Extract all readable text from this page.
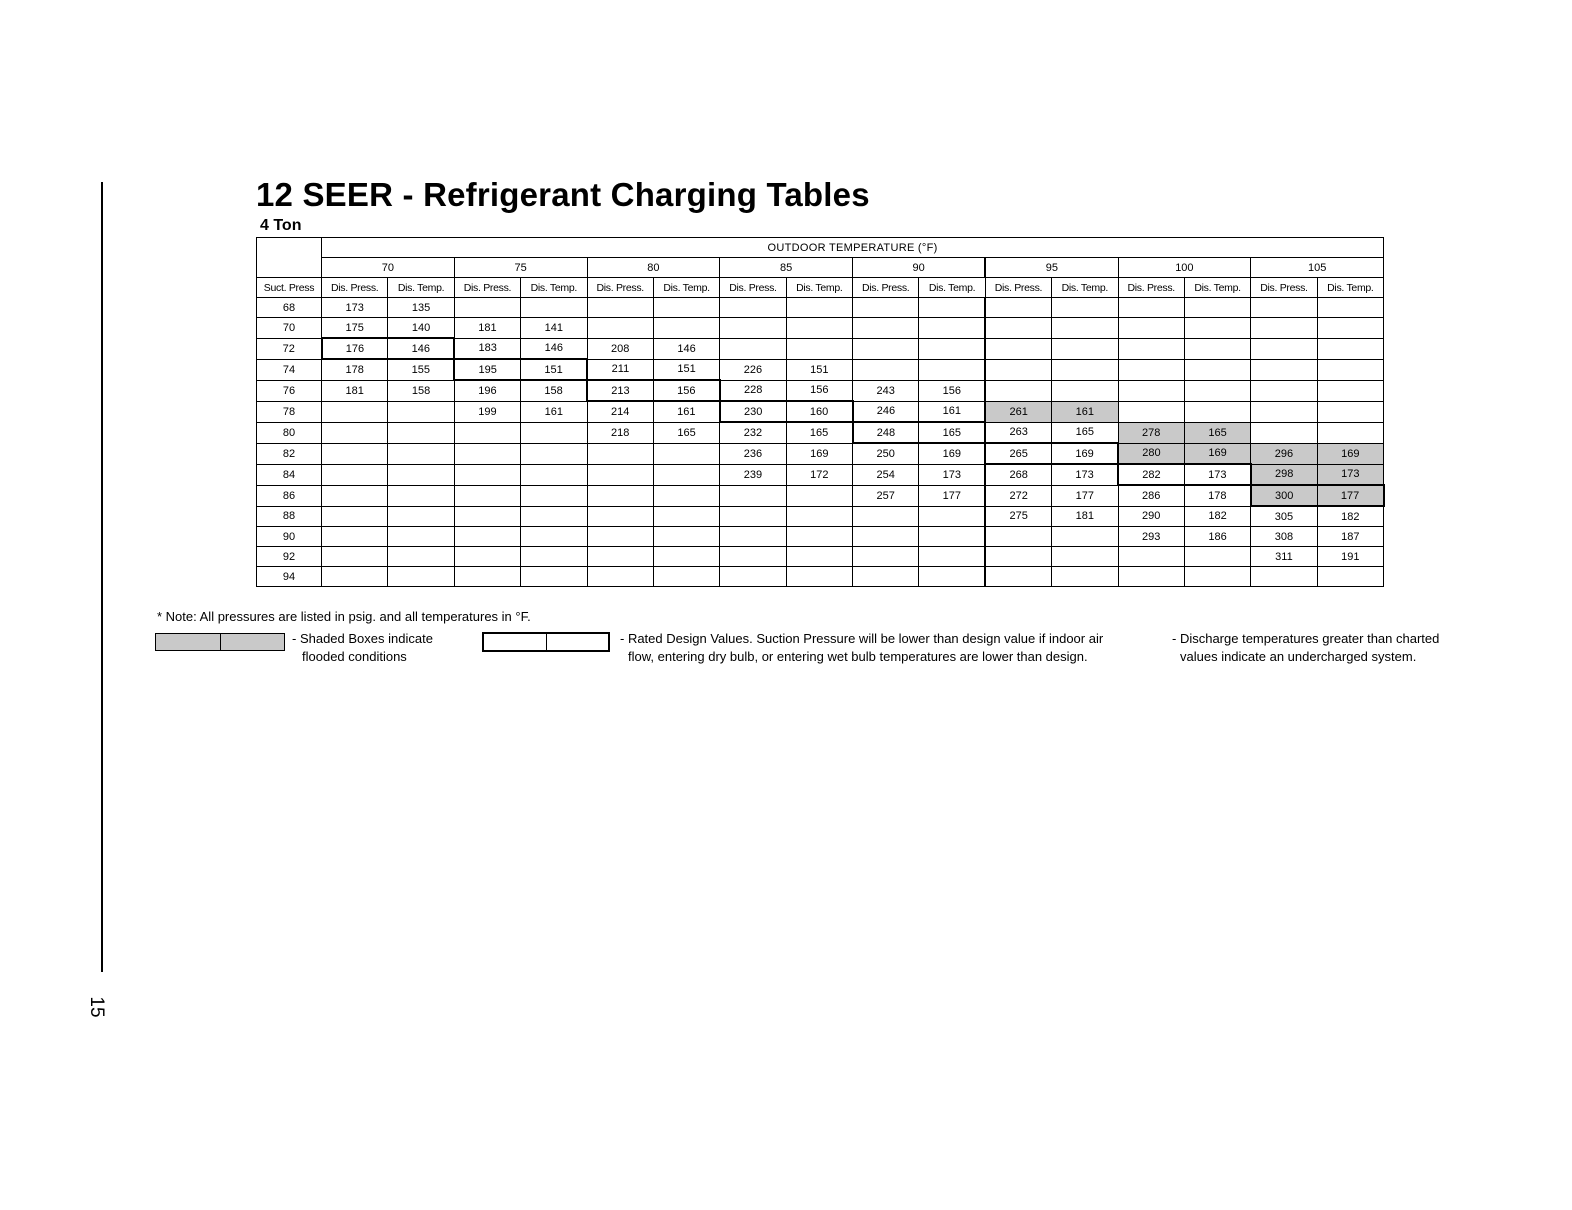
15
12 SEER - Refrigerant Charging Tables
4 Ton
	OUTDOOR TEMPERATURE (°F)															
	70		75		80		85		90		95		100		105	
Suct. Press	Dis. Press.	Dis. Temp.	Dis. Press.	Dis. Temp.	Dis. Press.	Dis. Temp.	Dis. Press.	Dis. Temp.	Dis. Press.	Dis. Temp.	Dis. Press.	Dis. Temp.	Dis. Press.	Dis. Temp.	Dis. Press.	Dis. Temp.
68	173	135														
70	175	140	181	141												
72	176	146	183	146	208	146										
74	178	155	195	151	211	151	226	151								
76	181	158	196	158	213	156	228	156	243	156						
78			199	161	214	161	230	160	246	161	261	161				
80					218	165	232	165	248	165	263	165	278	165		
82							236	169	250	169	265	169	280	169	296	169
84							239	172	254	173	268	173	282	173	298	173
86									257	177	272	177	286	178	300	177
88											275	181	290	182	305	182
90													293	186	308	187
92															311	191
94																
* Note: All pressures are listed in psig. and all temperatures in °F.
- Shaded Boxes indicate
flooded conditions
- Rated Design Values. Suction Pressure will be lower than design value if indoor air
flow, entering dry bulb, or entering wet bulb temperatures are lower than design.
- Discharge temperatures greater than charted
values indicate an undercharged system.
